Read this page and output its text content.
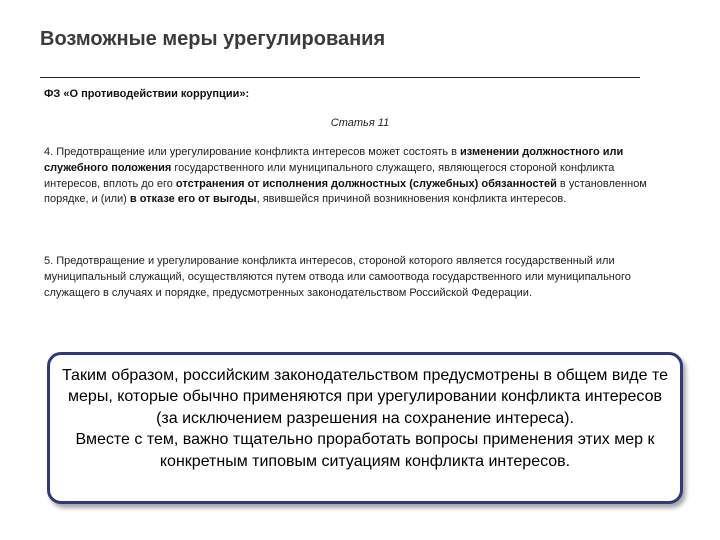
Возможные меры урегулирования
ФЗ «О противодействии коррупции»:
Статья 11

4. Предотвращение или урегулирование конфликта интересов может состоять в изменении должностного или служебного положения государственного или муниципального служащего, являющегося стороной конфликта интересов, вплоть до его отстранения от исполнения должностных (служебных) обязанностей в установленном порядке, и (или) в отказе его от выгоды, явившейся причиной возникновения конфликта интересов.

5. Предотвращение и урегулирование конфликта интересов, стороной которого является государственный или муниципальный служащий, осуществляются путем отвода или самоотвода государственного или муниципального служащего в случаях и порядке, предусмотренных законодательством Российской Федерации.

Таким образом, российским законодательством предусмотрены в общем виде те меры, которые обычно применяются при урегулировании конфликта интересов (за исключением разрешения на сохранение интереса).
Вместе с тем, важно тщательно проработать вопросы применения этих мер к конкретным типовым ситуациям конфликта интересов.
